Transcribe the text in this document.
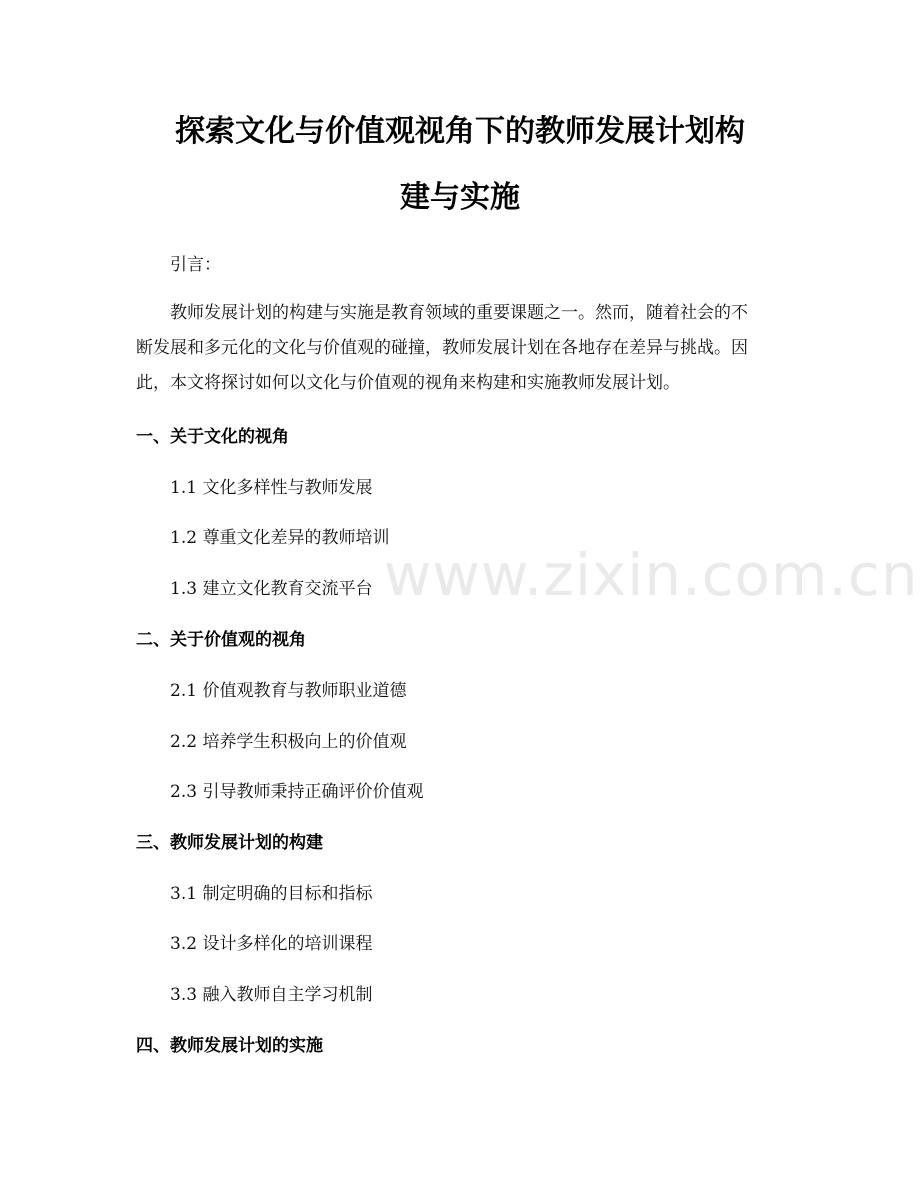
探索文化与价值观视角下的教师发展计划构
建与实施
引言：
教师发展计划的构建与实施是教育领域的重要课题之一。然而，随着社会的不
断发展和多元化的文化与价值观的碰撞，教师发展计划在各地存在差异与挑战。因
此，本文将探讨如何以文化与价值观的视角来构建和实施教师发展计划。
一、关于文化的视角
1.1 文化多样性与教师发展
1.2 尊重文化差异的教师培训
1.3 建立文化教育交流平台
二、关于价值观的视角
2.1 价值观教育与教师职业道德
2.2 培养学生积极向上的价值观
2.3 引导教师秉持正确评价价值观
三、教师发展计划的构建
3.1 制定明确的目标和指标
3.2 设计多样化的培训课程
3.3 融入教师自主学习机制
四、教师发展计划的实施
www.zixin.com.cn
